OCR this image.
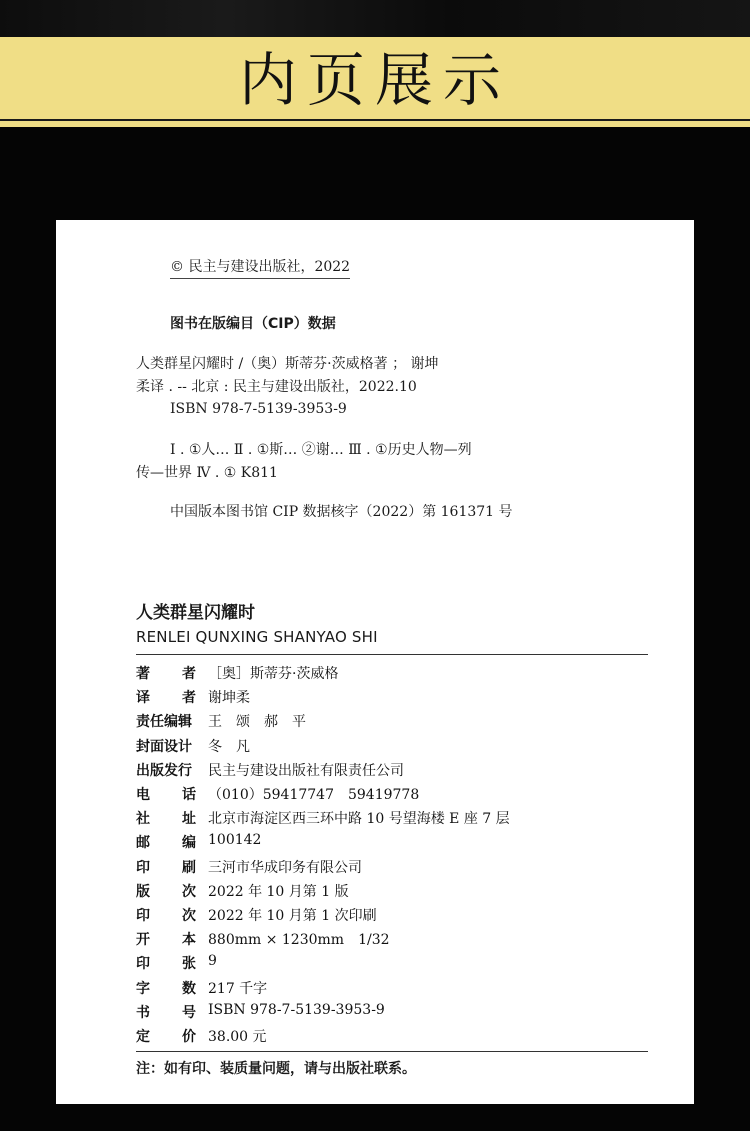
内页展示
© 民主与建设出版社，2022
图书在版编目（CIP）数据
人类群星闪耀时 /（奥）斯蒂芬·茨威格著 ； 谢坤
柔译 . -- 北京 : 民主与建设出版社，2022.10
ISBN 978-7-5139-3953-9
Ⅰ . ①人… Ⅱ . ①斯… ②谢… Ⅲ . ①历史人物—列
传—世界 Ⅳ . ① K811
中国版本图书馆 CIP 数据核字（2022）第 161371 号
人类群星闪耀时
RENLEI QUNXING SHANYAO SHI
著 者 ［奥］斯蒂芬·茨威格
译 者 谢坤柔
责任编辑 王　颂　郝　平
封面设计 冬　凡
出版发行 民主与建设出版社有限责任公司
电 话 （010）59417747　59419778
社 址 北京市海淀区西三环中路 10 号望海楼 E 座 7 层
邮 编 100142
印 刷 三河市华成印务有限公司
版 次 2022 年 10 月第 1 版
印 次 2022 年 10 月第 1 次印刷
开 本 880mm × 1230mm　1/32
印 张 9
字 数 217 千字
书 号 ISBN 978-7-5139-3953-9
定 价 38.00 元
注：如有印、装质量问题，请与出版社联系。
